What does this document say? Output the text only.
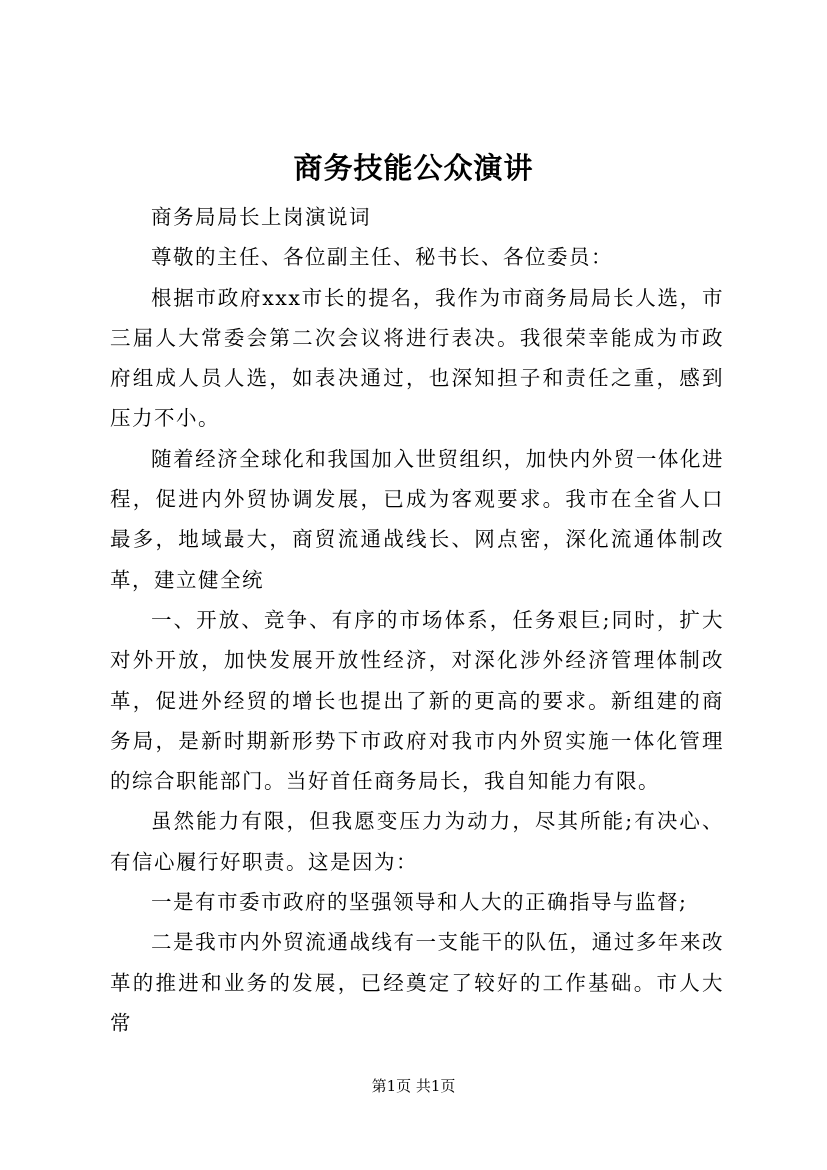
商务技能公众演讲

商务局局长上岗演说词

尊敬的主任、各位副主任、秘书长、各位委员：

根据市政府xxx市长的提名，我作为市商务局局长人选，市三届人大常委会第二次会议将进行表决。我很荣幸能成为市政府组成人员人选，如表决通过，也深知担子和责任之重，感到压力不小。

随着经济全球化和我国加入世贸组织，加快内外贸一体化进程，促进内外贸协调发展，已成为客观要求。我市在全省人口最多，地域最大，商贸流通战线长、网点密，深化流通体制改革，建立健全统

一、开放、竞争、有序的市场体系，任务艰巨;同时，扩大对外开放，加快发展开放性经济，对深化涉外经济管理体制改革，促进外经贸的增长也提出了新的更高的要求。新组建的商务局，是新时期新形势下市政府对我市内外贸实施一体化管理的综合职能部门。当好首任商务局长，我自知能力有限。

虽然能力有限，但我愿变压力为动力，尽其所能;有决心、有信心履行好职责。这是因为：

一是有市委市政府的坚强领导和人大的正确指导与监督;

二是我市内外贸流通战线有一支能干的队伍，通过多年来改革的推进和业务的发展，已经奠定了较好的工作基础。市人大常

第1页 共1页
